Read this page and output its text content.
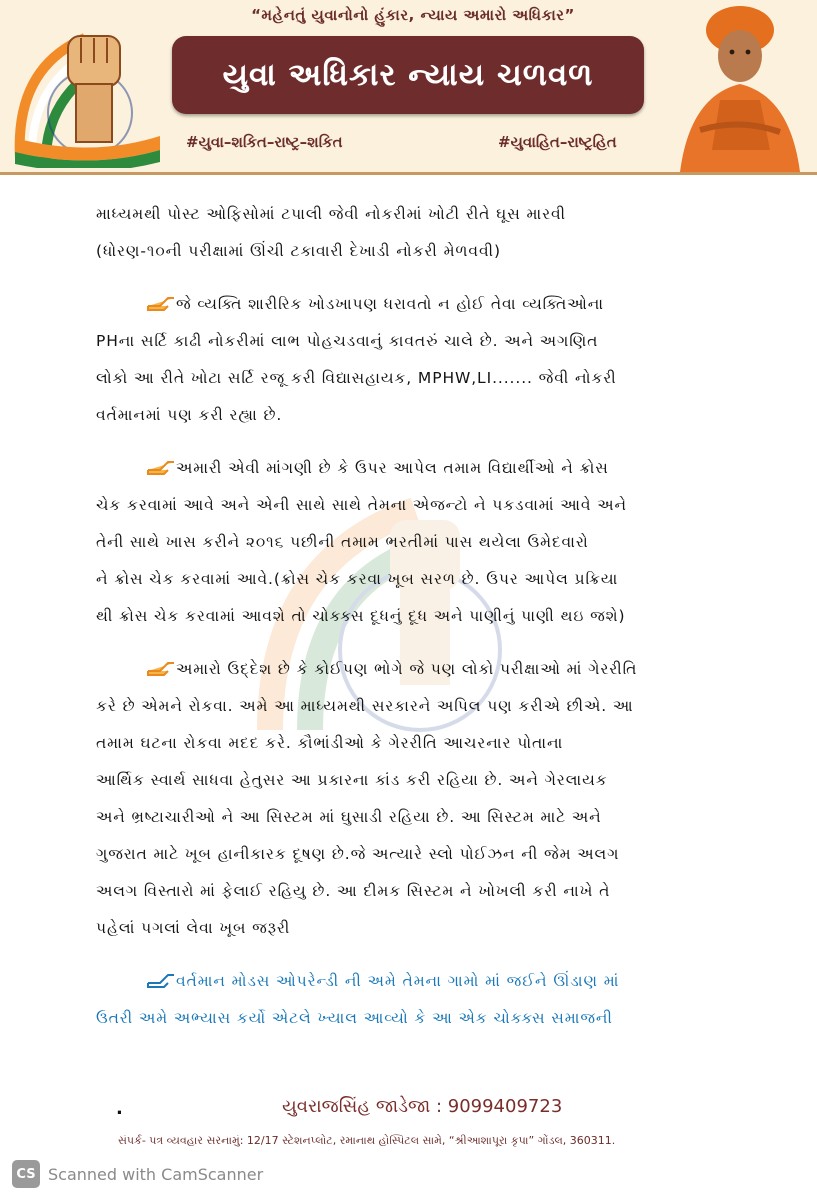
“મહેનતું યુવાનોનો હુંકાર, ન્યાય અમારો અધિકાર”
યુવા અધિકાર ન્યાય ચળવળ
#યુવા–શકિત–રાષ્ટ્ર–શકિત	#યુવાહિત–રાષ્ટ્રહિત

માધ્યમથી પોસ્ટ ઓફિસોમાં ટપાલી જેવી નોકરીમાં ખોટી રીતે ઘૂસ મારવી

(ધોરણ-૧૦ની પરીક્ષામાં ઊંચી ટકાવારી દેખાડી નોકરી મેળવવી)

જે વ્યક્તિ શારીરિક ખોડખાપણ ધરાવતો ન હોઈ તેવા વ્યક્તિઓના

PHના સર્ટિ કાઢી નોકરીમાં લાભ પોહચડવાનું કાવતરું ચાલે છે. અને અગણિત

લોકો આ રીતે ખોટા સર્ટિ રજૂ કરી વિદ્યાસહાયક, MPHW,LI....... જેવી નોકરી

વર્તમાનમાં પણ કરી રહ્યા છે.

અમારી એવી માંગણી છે કે ઉપર આપેલ તમામ વિદ્યાર્થીઓ ને ક્રોસ

ચેક કરવામાં આવે અને એની સાથે સાથે તેમના એજન્ટો ને પકડવામાં આવે અને

તેની સાથે ખાસ કરીને ૨૦૧૬ પછીની તમામ ભરતીમાં પાસ થયેલા ઉમેદવારો

ને ક્રોસ ચેક કરવામાં આવે.(ક્રોસ ચેક કરવા ખૂબ સરળ છે. ઉપર આપેલ પ્રક્રિયા

થી ક્રોસ ચેક કરવામાં આવશે તો ચોક્ક્સ દૂધનું દૂધ અને પાણીનું પાણી થઇ જશે)

અમારો ઉદ્દેશ છે કે કોઈપણ ભોગે જે પણ લોકો પરીક્ષાઓ માં ગેરરીતિ

કરે છે એમને રોકવા. અમે આ માધ્યમથી સરકારને અપિલ પણ કરીએ છીએ. આ

તમામ ઘટના રોકવા મદદ કરે. કૌભાંડીઓ કે ગેરરીતિ આચરનાર પોતાના

આર્થિક સ્વાર્થ સાધવા હેતુસર આ પ્રકારના કાંડ કરી રહિયા છે. અને ગેરલાયક

અને ભ્રષ્ટાચારીઓ ને આ સિસ્ટમ માં ઘુસાડી રહિયા છે. આ સિસ્ટમ માટે અને

ગુજરાત માટે ખૂબ હાનીકારક દૂષણ છે.જે અત્યારે સ્લો પોઈઝન ની જેમ અલગ

અલગ વિસ્તારો માં ફેલાઈ રહિયુ છે. આ દીમક સિસ્ટમ ને ખોખલી કરી નાખે તે

પહેલાં પગલાં લેવા ખૂબ જરૂરી

વર્તમાન મોડસ ઓપરેન્ડી ની અમે તેમના ગામો માં જઈને ઊંડાણ માં

ઉતરી અમે અભ્યાસ કર્યો એટલે ખ્યાલ આવ્યો કે આ એક ચોક્ક્સ સમાજની

.	યુવરાજસિંહ જાડેજા : 9099409723
સંપર્ક- પત્ર વ્યવહાર સરનામું: 12/17 સ્ટેશનપ્લોટ, રમાનાથ હોસ્પિટલ સામે, “શ્રીઆશાપૂરા કૃપા” ગોંડલ, 360311.
CS Scanned with CamScanner
